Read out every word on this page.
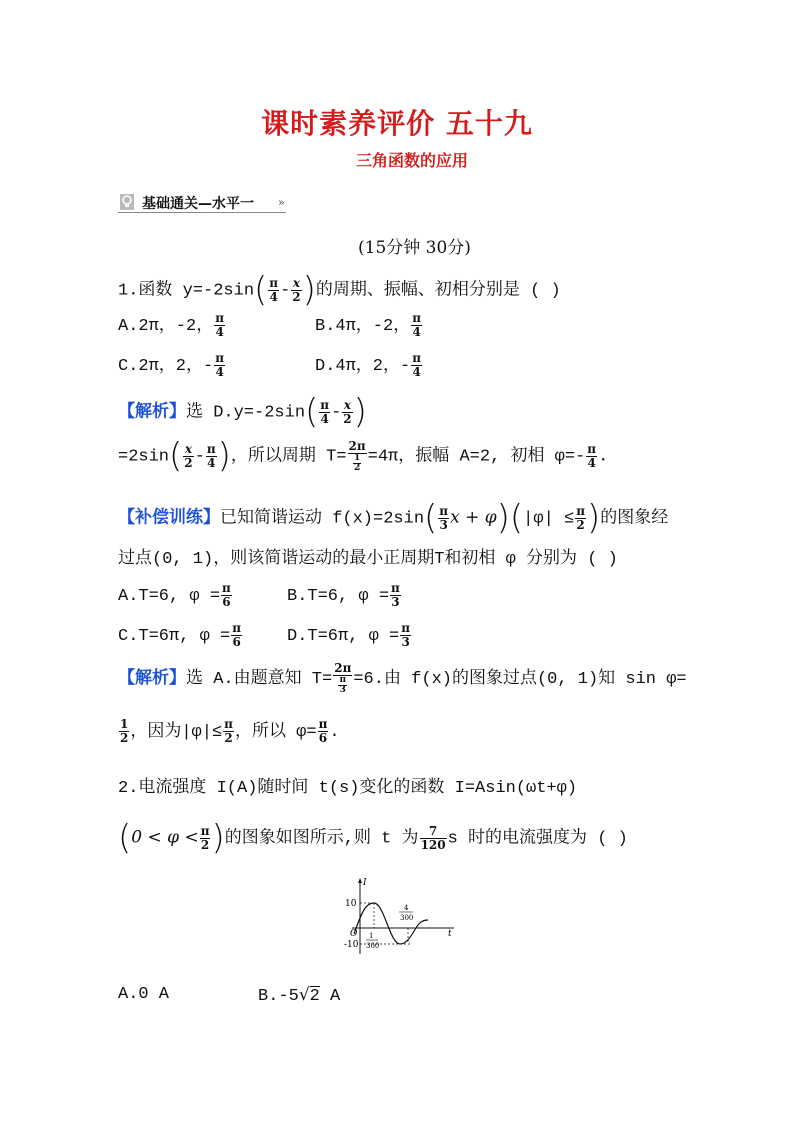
课时素养评价 五十九
三角函数的应用
基础通关—水平一 »
(15分钟 30分)
1.函数 $y=-2\sin( \frac{\pi}{4} - \frac{x}{2}$ )的周期、振幅、初相分别是 ( )
A.2π，-2， $\frac{\pi}{4}$	B.4π，-2， $\frac{\pi}{4}$
C.2π，2，- $\frac{\pi}{4}$	D.4π，2，- $\frac{\pi}{4}$
【解析】选 $D.y=-2\sin( \frac{\pi}{4} - \frac{x}{2}$ )
$=2\sin( \frac{x}{2} - \frac{\pi}{4}$ )，所以周期 $T= \frac{2\pi}{\frac{1}{2}} =4\pi$，振幅 A=2, 初相 $\varphi=- \frac{\pi}{4}$ .
【补偿训练】已知简谐运动 $f(x)=2\sin( \frac{\pi}{3}$ $x + \varphi)(|\varphi| \le \frac{\pi}{2}$ )的图象经
过点(0, 1)，则该简谐运动的最小正周期T和初相 φ 分别为 ( )
A.T=6, $\varphi = \frac{\pi}{6}$	B.T=6, $\varphi = \frac{\pi}{3}$
C.T=6π, $\varphi = \frac{\pi}{6}$	D.T=6π, $\varphi = \frac{\pi}{3}$
【解析】选 A.由题意知 $T= \frac{2\pi}{\frac{\pi}{3}} =6$.由 f(x)的图象过点(0, 1)知 sin φ=
$\frac{1}{2}$ ，因为$|\varphi|\le \frac{\pi}{2}$ ，所以 $\varphi= \frac{\pi}{6}$ .
2.电流强度 I(A)随时间 t(s)变化的函数 I=Asin(ωt+φ)
($0 < \varphi < \frac{\pi}{2}$ )的图象如图所示,则 t 为 $\frac{7}{120}$ s 时的电流强度为 ( )
I
t
O
10
-10
1
300
4
300
A.0 A	B.-5√2 A
